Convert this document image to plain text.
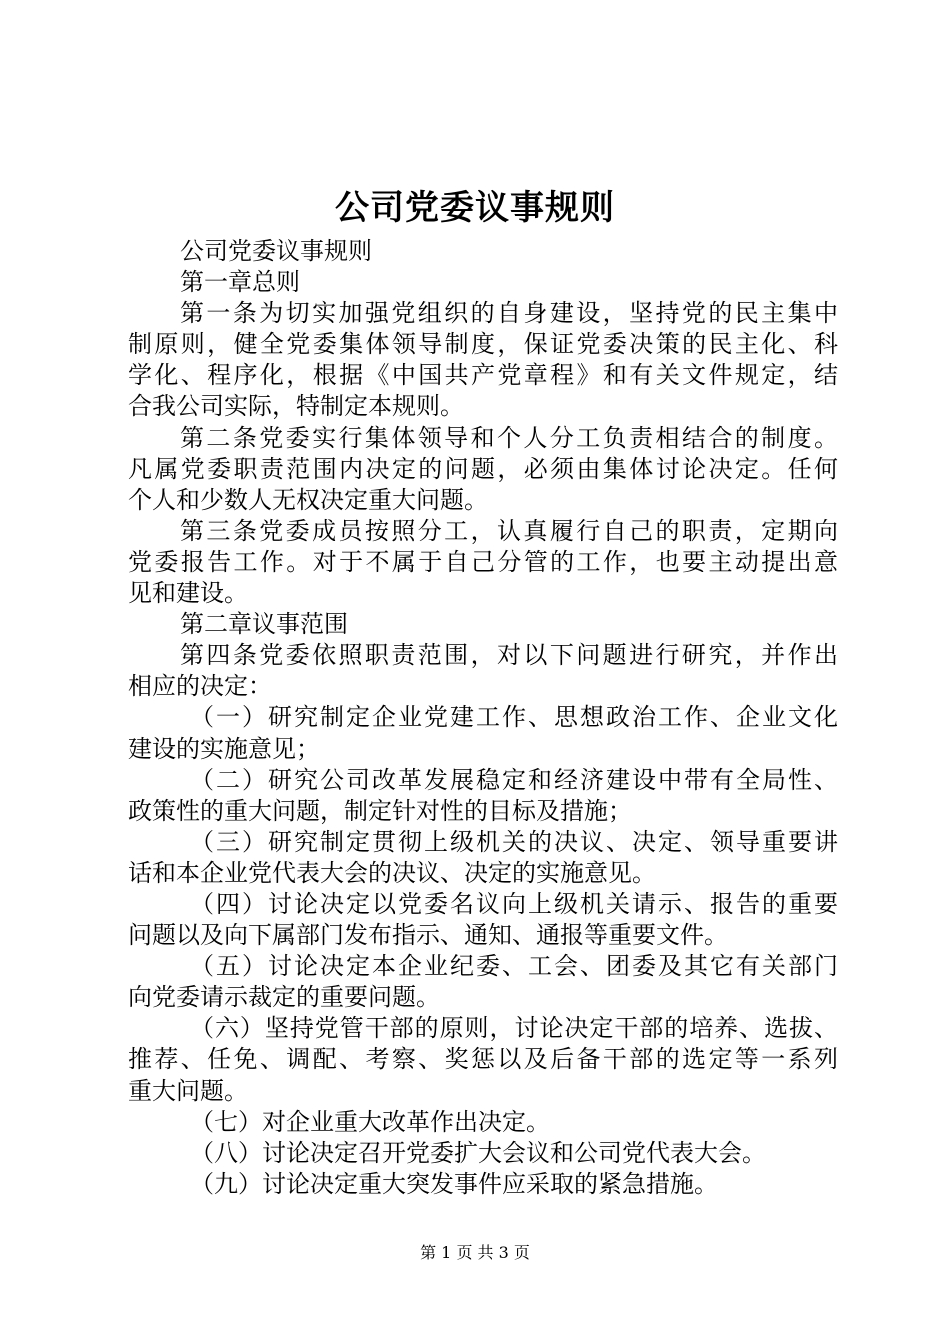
公司党委议事规则
公司党委议事规则
第一章总则
第一条为切实加强党组织的自身建设，坚持党的民主集中
制原则，健全党委集体领导制度，保证党委决策的民主化、科
学化、程序化，根据《中国共产党章程》和有关文件规定，结
合我公司实际，特制定本规则。
第二条党委实行集体领导和个人分工负责相结合的制度。
凡属党委职责范围内决定的问题，必须由集体讨论决定。任何
个人和少数人无权决定重大问题。
第三条党委成员按照分工，认真履行自己的职责，定期向
党委报告工作。对于不属于自己分管的工作，也要主动提出意
见和建设。
第二章议事范围
第四条党委依照职责范围，对以下问题进行研究，并作出
相应的决定：
（一）研究制定企业党建工作、思想政治工作、企业文化
建设的实施意见；
（二）研究公司改革发展稳定和经济建设中带有全局性、
政策性的重大问题，制定针对性的目标及措施；
（三）研究制定贯彻上级机关的决议、决定、领导重要讲
话和本企业党代表大会的决议、决定的实施意见。
（四）讨论决定以党委名议向上级机关请示、报告的重要
问题以及向下属部门发布指示、通知、通报等重要文件。
（五）讨论决定本企业纪委、工会、团委及其它有关部门
向党委请示裁定的重要问题。
（六）坚持党管干部的原则，讨论决定干部的培养、选拔、
推荐、任免、调配、考察、奖惩以及后备干部的选定等一系列
重大问题。
（七）对企业重大改革作出决定。
（八）讨论决定召开党委扩大会议和公司党代表大会。
（九）讨论决定重大突发事件应采取的紧急措施。
第 1 页 共 3 页
